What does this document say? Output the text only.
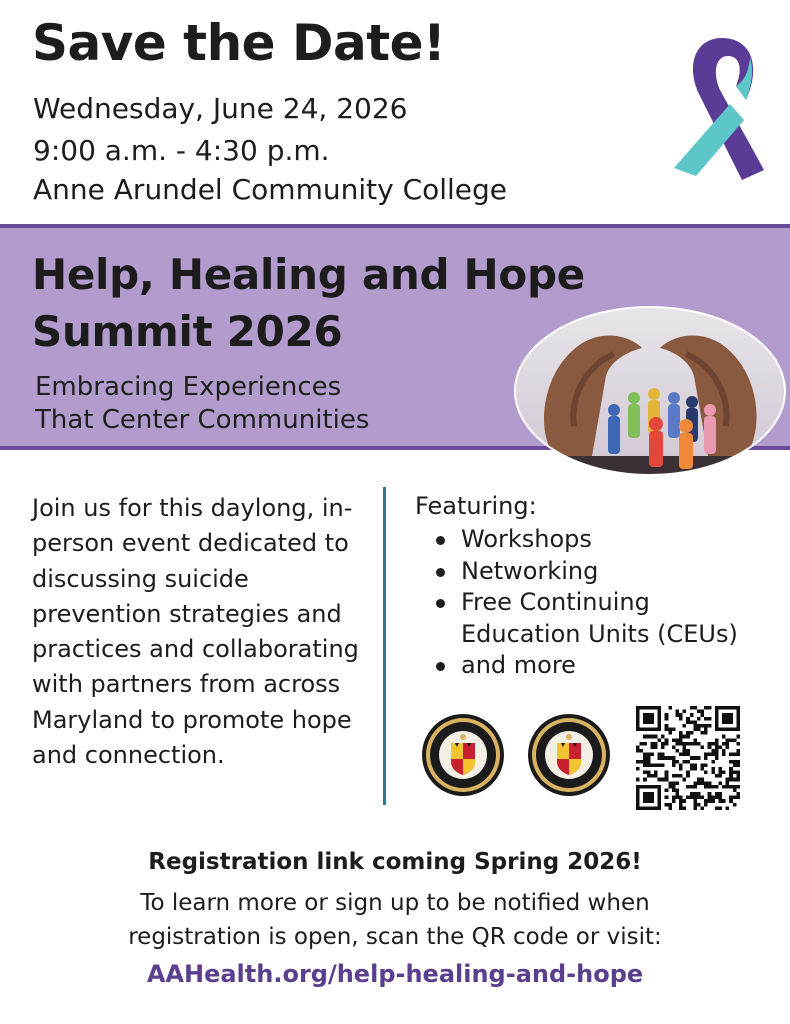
Save the Date!

Wednesday, June 24, 2026

9:00 a.m. - 4:30 p.m.

Anne Arundel Community College

Help, Healing and Hope
Summit 2026

Embracing Experiences

That Center Communities

Join us for this daylong, in-person event dedicated to discussing suicide prevention strategies and practices and collaborating with partners from across Maryland to promote hope and connection.

Featuring:

Workshops
Networking
Free Continuing
Education Units (CEUs)
and more

Registration link coming Spring 2026!

To learn more or sign up to be notified when

registration is open, scan the QR code or visit:

AAHealth.org/help-healing-and-hope
